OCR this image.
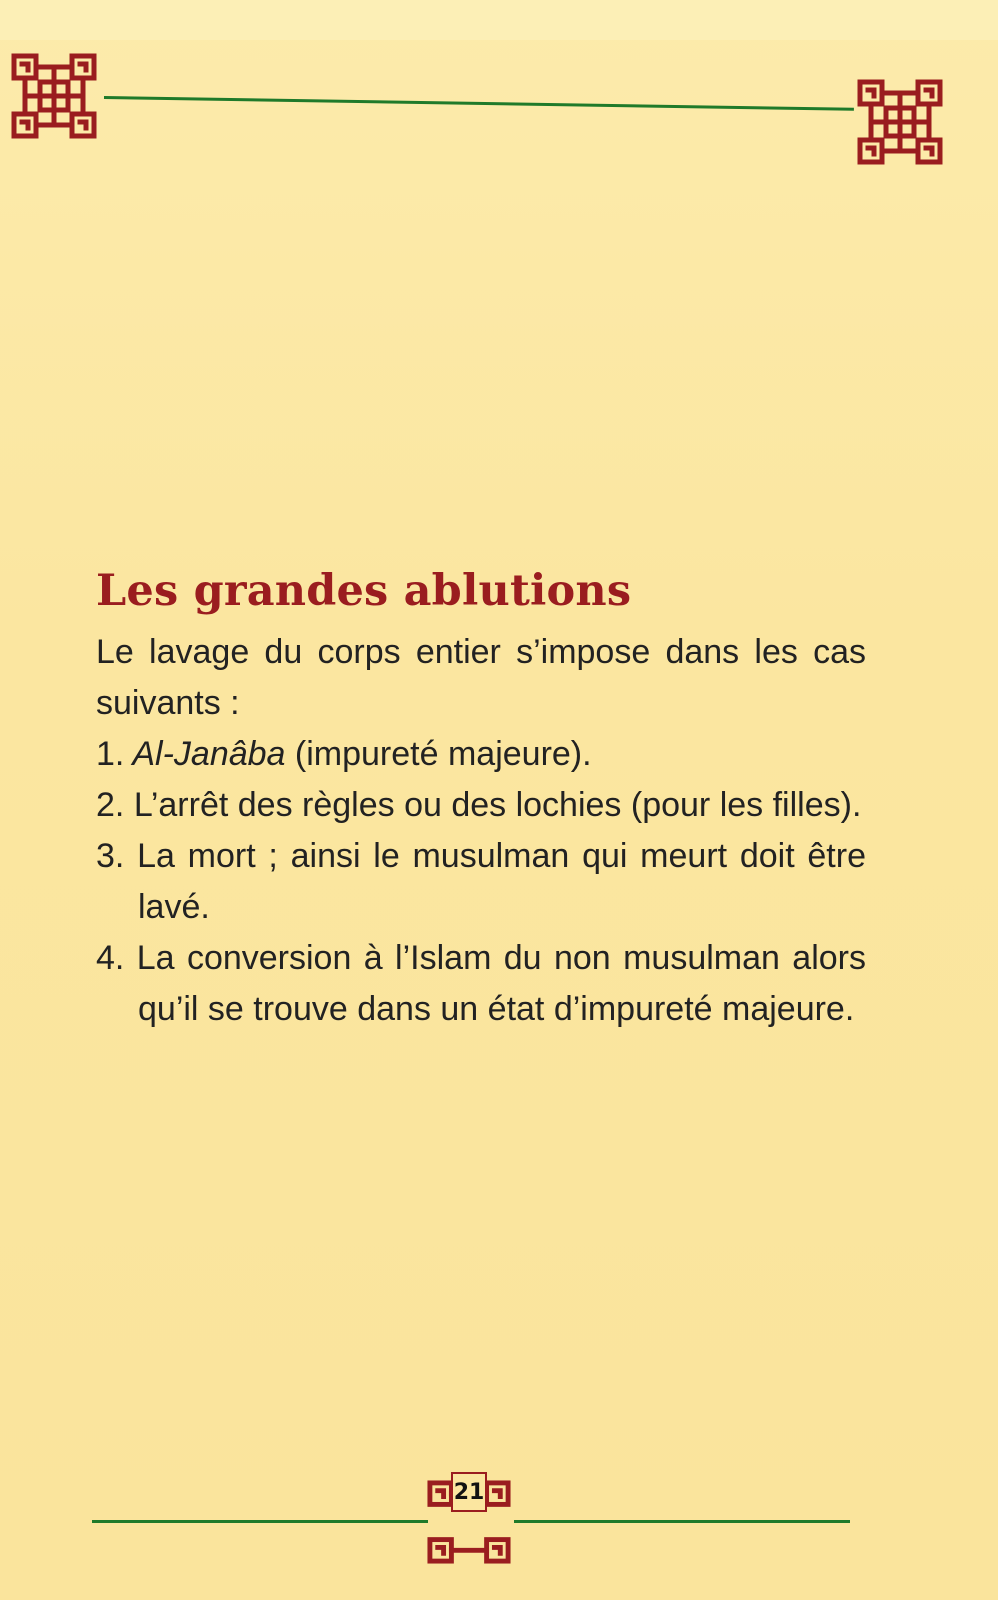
Les grandes ablutions

Le lavage du corps entier s’impose dans les cas suivants :

1. Al-Janâba (impureté majeure).

2. L’arrêt des règles ou des lochies (pour les filles).

3. La mort ; ainsi le musulman qui meurt doit être lavé.

4. La conversion à l’Islam du non musulman alors qu’il se trouve dans un état d’impureté majeure.

21
